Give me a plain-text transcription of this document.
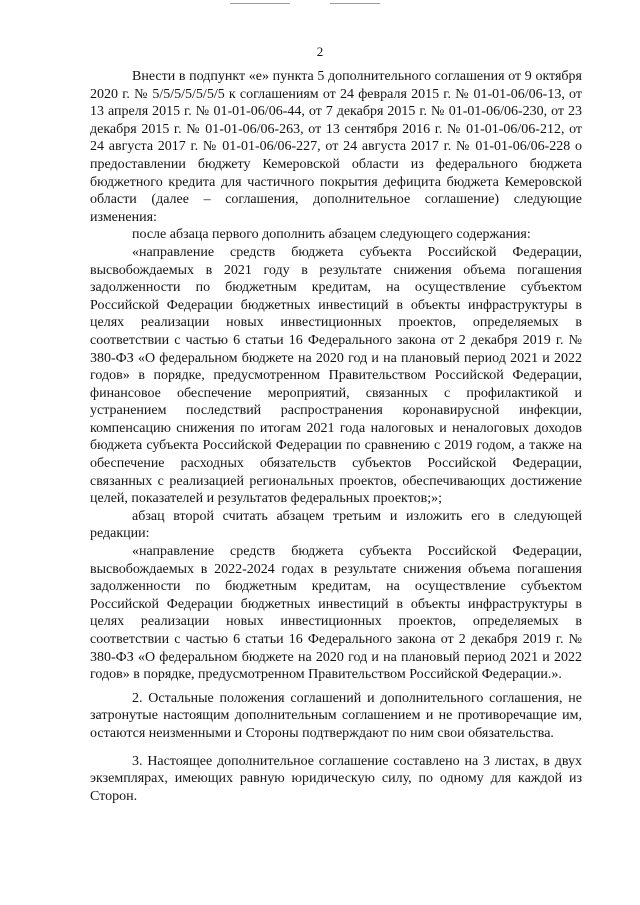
2

Внести в подпункт «е» пункта 5 дополнительного соглашения от 9 октября 2020 г. № 5/5/5/5/5/5/5 к соглашениям от 24 февраля 2015 г. № 01-01-06/06-13, от 13 апреля 2015 г. № 01-01-06/06-44, от 7 декабря 2015 г. № 01-01-06/06-230, от 23 декабря 2015 г. № 01-01-06/06-263, от 13 сентября 2016 г. № 01-01-06/06-212, от 24 августа 2017 г. № 01-01-06/06-227, от 24 августа 2017 г. № 01-01-06/06-228 о предоставлении бюджету Кемеровской области из федерального бюджета бюджетного кредита для частичного покрытия дефицита бюджета Кемеровской области (далее – соглашения, дополнительное соглашение) следующие изменения:

после абзаца первого дополнить абзацем следующего содержания:

«направление средств бюджета субъекта Российской Федерации, высвобождаемых в 2021 году в результате снижения объема погашения задолженности по бюджетным кредитам, на осуществление субъектом Российской Федерации бюджетных инвестиций в объекты инфраструктуры в целях реализации новых инвестиционных проектов, определяемых в соответствии с частью 6 статьи 16 Федерального закона от 2 декабря 2019 г. № 380-ФЗ «О федеральном бюджете на 2020 год и на плановый период 2021 и 2022 годов» в порядке, предусмотренном Правительством Российской Федерации, финансовое обеспечение мероприятий, связанных с профилактикой и устранением последствий распространения коронавирусной инфекции, компенсацию снижения по итогам 2021 года налоговых и неналоговых доходов бюджета субъекта Российской Федерации по сравнению с 2019 годом, а также на обеспечение расходных обязательств субъектов Российской Федерации, связанных с реализацией региональных проектов, обеспечивающих достижение целей, показателей и результатов федеральных проектов;»;

абзац второй считать абзацем третьим и изложить его в следующей редакции:

«направление средств бюджета субъекта Российской Федерации, высвобождаемых в 2022-2024 годах в результате снижения объема погашения задолженности по бюджетным кредитам, на осуществление субъектом Российской Федерации бюджетных инвестиций в объекты инфраструктуры в целях реализации новых инвестиционных проектов, определяемых в соответствии с частью 6 статьи 16 Федерального закона от 2 декабря 2019 г. № 380-ФЗ «О федеральном бюджете на 2020 год и на плановый период 2021 и 2022 годов» в порядке, предусмотренном Правительством Российской Федерации.».

2. Остальные положения соглашений и дополнительного соглашения, не затронутые настоящим дополнительным соглашением и не противоречащие им, остаются неизменными и Стороны подтверждают по ним свои обязательства.

3. Настоящее дополнительное соглашение составлено на 3 листах, в двух экземплярах, имеющих равную юридическую силу, по одному для каждой из Сторон.
